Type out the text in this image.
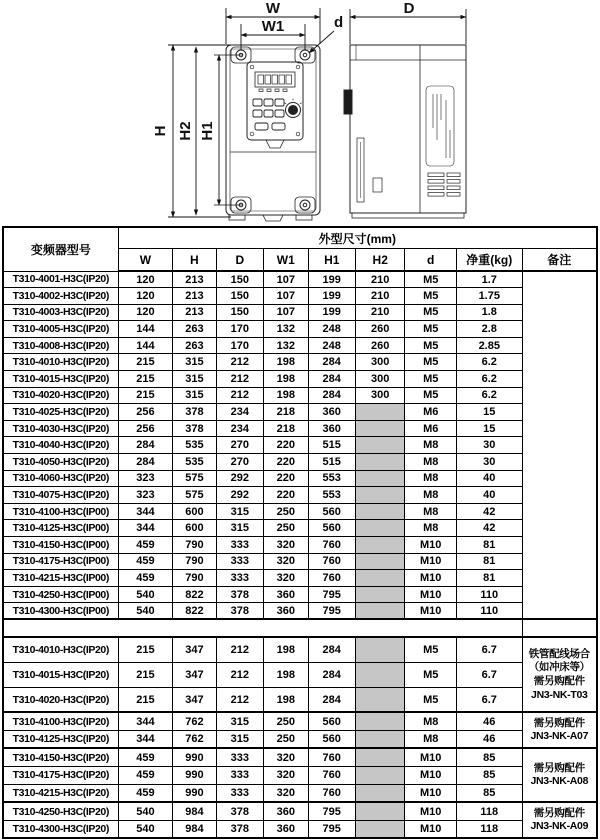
W
W1	d
H H2 H1
D
变频器型号	外型尺寸(mm)								
	W	H	D	W1	H1	H2	d	净重(kg)	备注
T310-4001-H3C(IP20)	120	213	150	107	199	210	M5	1.7	
T310-4002-H3C(IP20)	120	213	150	107	199	210	M5	1.75	
T310-4003-H3C(IP20)	120	213	150	107	199	210	M5	1.8	
T310-4005-H3C(IP20)	144	263	170	132	248	260	M5	2.8	
T310-4008-H3C(IP20)	144	263	170	132	248	260	M5	2.85	
T310-4010-H3C(IP20)	215	315	212	198	284	300	M5	6.2	
T310-4015-H3C(IP20)	215	315	212	198	284	300	M5	6.2	
T310-4020-H3C(IP20)	215	315	212	198	284	300	M5	6.2	
T310-4025-H3C(IP20)	256	378	234	218	360		M6	15	
T310-4030-H3C(IP20)	256	378	234	218	360		M6	15	
T310-4040-H3C(IP20)	284	535	270	220	515		M8	30	
T310-4050-H3C(IP20)	284	535	270	220	515		M8	30	
T310-4060-H3C(IP20)	323	575	292	220	553		M8	40	
T310-4075-H3C(IP20)	323	575	292	220	553		M8	40	
T310-4100-H3C(IP00)	344	600	315	250	560		M8	42	
T310-4125-H3C(IP00)	344	600	315	250	560		M8	42	
T310-4150-H3C(IP00)	459	790	333	320	760		M10	81	
T310-4175-H3C(IP00)	459	790	333	320	760		M10	81	
T310-4215-H3C(IP00)	459	790	333	320	760		M10	81	
T310-4250-H3C(IP00)	540	822	378	360	795		M10	110	
T310-4300-H3C(IP00)	540	822	378	360	795		M10	110	

T310-4010-H3C(IP20)	215	347	212	198	284		M5	6.7	铁管配线场合
（如冲床等）
需另购配件
JN3-NK-T03

T310-4015-H3C(IP20)	215	347	212	198	284		M5	6.7	
T310-4020-H3C(IP20)	215	347	212	198	284		M5	6.7	
T310-4100-H3C(IP20)	344	762	315	250	560		M8	46	需另购配件
JN3-NK-A07

T310-4125-H3C(IP20)	344	762	315	250	560		M8	46	
T310-4150-H3C(IP20)	459	990	333	320	760		M10	85	需另购配件
JN3-NK-A08

T310-4175-H3C(IP20)	459	990	333	320	760		M10	85	
T310-4215-H3C(IP20)	459	990	333	320	760		M10	85	
T310-4250-H3C(IP20)	540	984	378	360	795		M10	118	需另购配件
JN3-NK-A09

T310-4300-H3C(IP20)	540	984	378	360	795		M10	118	
